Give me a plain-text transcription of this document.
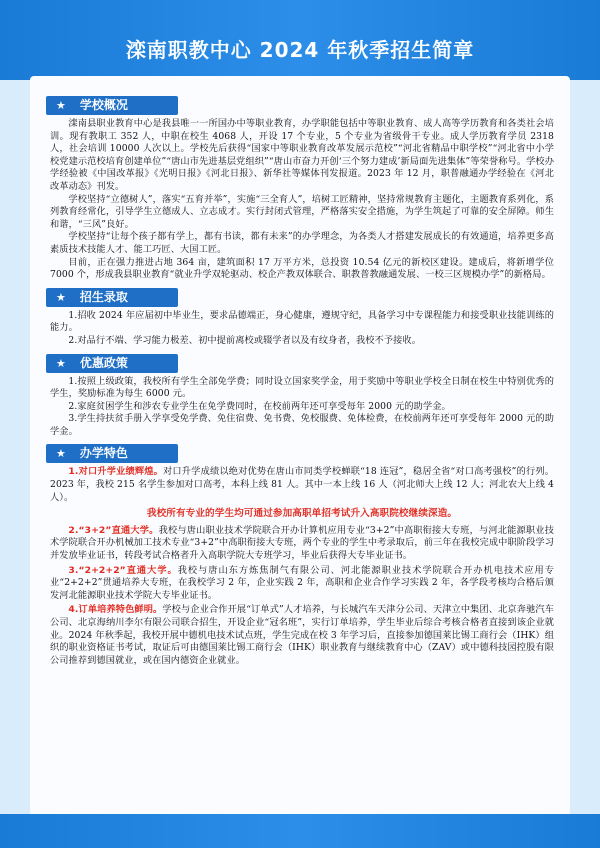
滦南职教中心 2024 年秋季招生简章
★ 学校概况

滦南县职业教育中心是我县唯一一所国办中等职业教育，办学职能包括中等职业教育、成人高等学历教育和各类社会培训。现有教职工 352 人，中职在校生 4068 人，开设 17 个专业，5 个专业为省级骨干专业。成人学历教育学员 2318 人，社会培训 10000 人次以上。学校先后获得“国家中等职业教育改革发展示范校”“河北省精品中职学校”“河北省中小学校党建示范校培育创建单位”“唐山市先进基层党组织”“唐山市奋力开创‘三个努力建成’新局面先进集体”等荣誉称号。学校办学经验被《中国改革报》《光明日报》《河北日报》、新华社等媒体刊发报道。2023 年 12 月，职普融通办学经验在《河北改革动态》刊发。

学校坚持“立德树人”，落实“五育并举”，实施“三全育人”，培树工匠精神，坚持常规教育主题化，主题教育系列化，系列教育经常化，引导学生立德成人、立志成才。实行封闭式管理，严格落实安全措施，为学生筑起了可靠的安全屏障。师生和谐，“三风”良好。

学校坚持“让每个孩子都有学上，都有书读，都有未来”的办学理念，为各类人才搭建发展成长的有效通道，培养更多高素质技术技能人才、能工巧匠、大国工匠。

目前，正在强力推进占地 364 亩，建筑面积 17 万平方米，总投资 10.54 亿元的新校区建设。建成后，将新增学位 7000 个，形成我县职业教育“就业升学双轮驱动、校企产教双体联合、职教普教融通发展、一校三区规模办学”的新格局。

★ 招生录取

1.招收 2024 年应届初中毕业生，要求品德端正，身心健康，遵规守纪，具备学习中专课程能力和接受职业技能训练的能力。

2.对品行不端、学习能力极差、初中提前离校或辍学者以及有纹身者，我校不予接收。

★ 优惠政策

1.按照上级政策，我校所有学生全部免学费；同时设立国家奖学金，用于奖励中等职业学校全日制在校生中特别优秀的学生，奖励标准为每生 6000 元。

2.家庭贫困学生和涉农专业学生在免学费同时，在校前两年还可享受每年 2000 元的助学金。

3.学生持扶贫手册入学享受免学费、免住宿费、免书费、免校服费、免体检费，在校前两年还可享受每年 2000 元的助学金。

★ 办学特色

1.对口升学业绩辉煌。对口升学成绩以绝对优势在唐山市同类学校蝉联“18 连冠”，稳居全省“对口高考强校”的行列。2023 年，我校 215 名学生参加对口高考，本科上线 81 人。其中一本上线 16 人（河北师大上线 12 人；河北农大上线 4 人）。

我校所有专业的学生均可通过参加高职单招考试升入高职院校继续深造。

2.“3+2”直通大学。我校与唐山职业技术学院联合开办计算机应用专业“3+2”中高职衔接大专班，与河北能源职业技术学院联合开办机械加工技术专业“3+2”中高职衔接大专班，两个专业的学生中考录取后，前三年在我校完成中职阶段学习并发放毕业证书，转段考试合格者升入高职学院大专班学习，毕业后获得大专毕业证书。

3.“2+2+2”直通大学。我校与唐山东方炼焦制气有限公司、河北能源职业技术学院联合开办机电技术应用专业“2+2+2”贯通培养大专班，在我校学习 2 年，企业实践 2 年，高职和企业合作学习实践 2 年，各学段考核均合格后颁发河北能源职业技术学院大专毕业证书。

4.订单培养特色鲜明。学校与企业合作开展“订单式”人才培养，与长城汽车天津分公司、天津立中集团、北京奔驰汽车公司、北京海纳川李尔有限公司联合招生，开设企业“冠名班”，实行订单培养，学生毕业后综合考核合格者直接到该企业就业。2024 年秋季起，我校开展中德机电技术试点班，学生完成在校 3 年学习后，直接参加德国莱比锡工商行会（IHK）组织的职业资格证书考试，取证后可由德国莱比锡工商行会（IHK）职业教育与继续教育中心（ZAV）或中德科技园控股有限公司推荐到德国就业，或在国内德资企业就业。
